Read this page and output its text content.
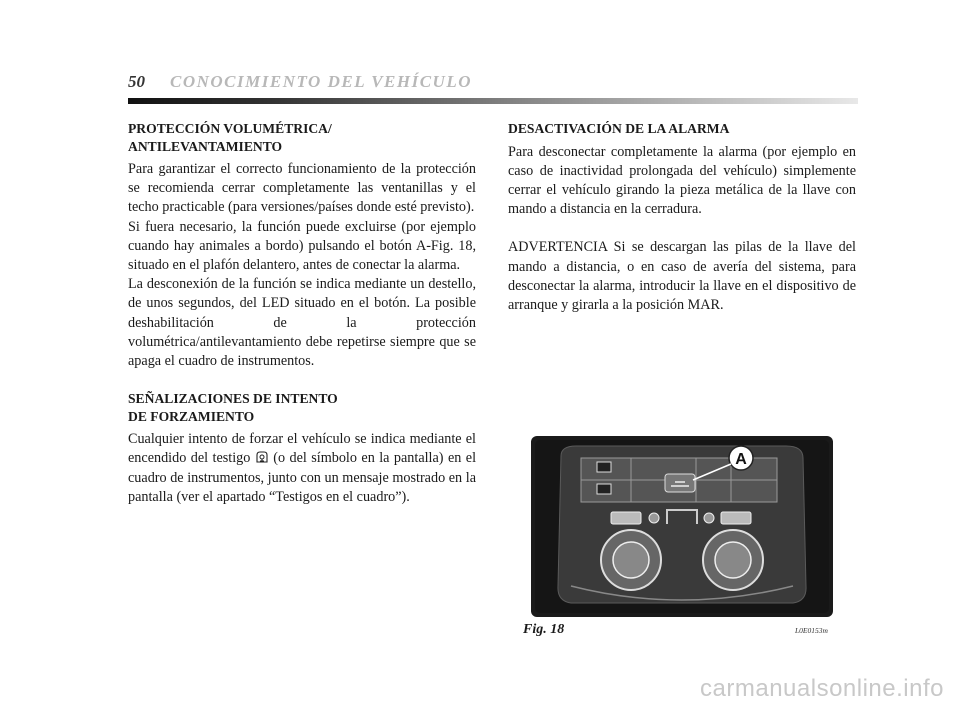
50 CONOCIMIENTO DEL VEHÍCULO
PROTECCIÓN VOLUMÉTRICA/
ANTILEVANTAMIENTO

Para garantizar el correcto funcionamiento de la protección se recomienda cerrar completamente las ventanillas y el techo practicable (para versiones/países donde esté previsto).

Si fuera necesario, la función puede excluirse (por ejemplo cuando hay animales a bordo) pulsando el botón A-Fig. 18, situado en el plafón delantero, antes de conectar la alarma.

La desconexión de la función se indica mediante un destello, de unos segundos, del LED situado en el botón. La posible deshabilitación de la protección volumétrica/antilevantamiento debe repetirse siempre que se apaga el cuadro de instrumentos.

SEÑALIZACIONES DE INTENTO
DE FORZAMIENTO

Cualquier intento de forzar el vehículo se indica mediante el encendido del testigo (o del símbolo en la pantalla) en el cuadro de instrumentos, junto con un mensaje mostrado en la pantalla (ver el apartado “Testigos en el cuadro”).

DESACTIVACIÓN DE LA ALARMA

Para desconectar completamente la alarma (por ejemplo en caso de inactividad prolongada del vehículo) simplemente cerrar el vehículo girando la pieza metálica de la llave con mando a distancia en la cerradura.

ADVERTENCIA Si se descargan las pilas de la llave del mando a distancia, o en caso de avería del sistema, para desconectar la alarma, introducir la llave en el dispositivo de arranque y girarla a la posición MAR.

A
Fig. 18	L0E0153m
carmanualsonline.info
